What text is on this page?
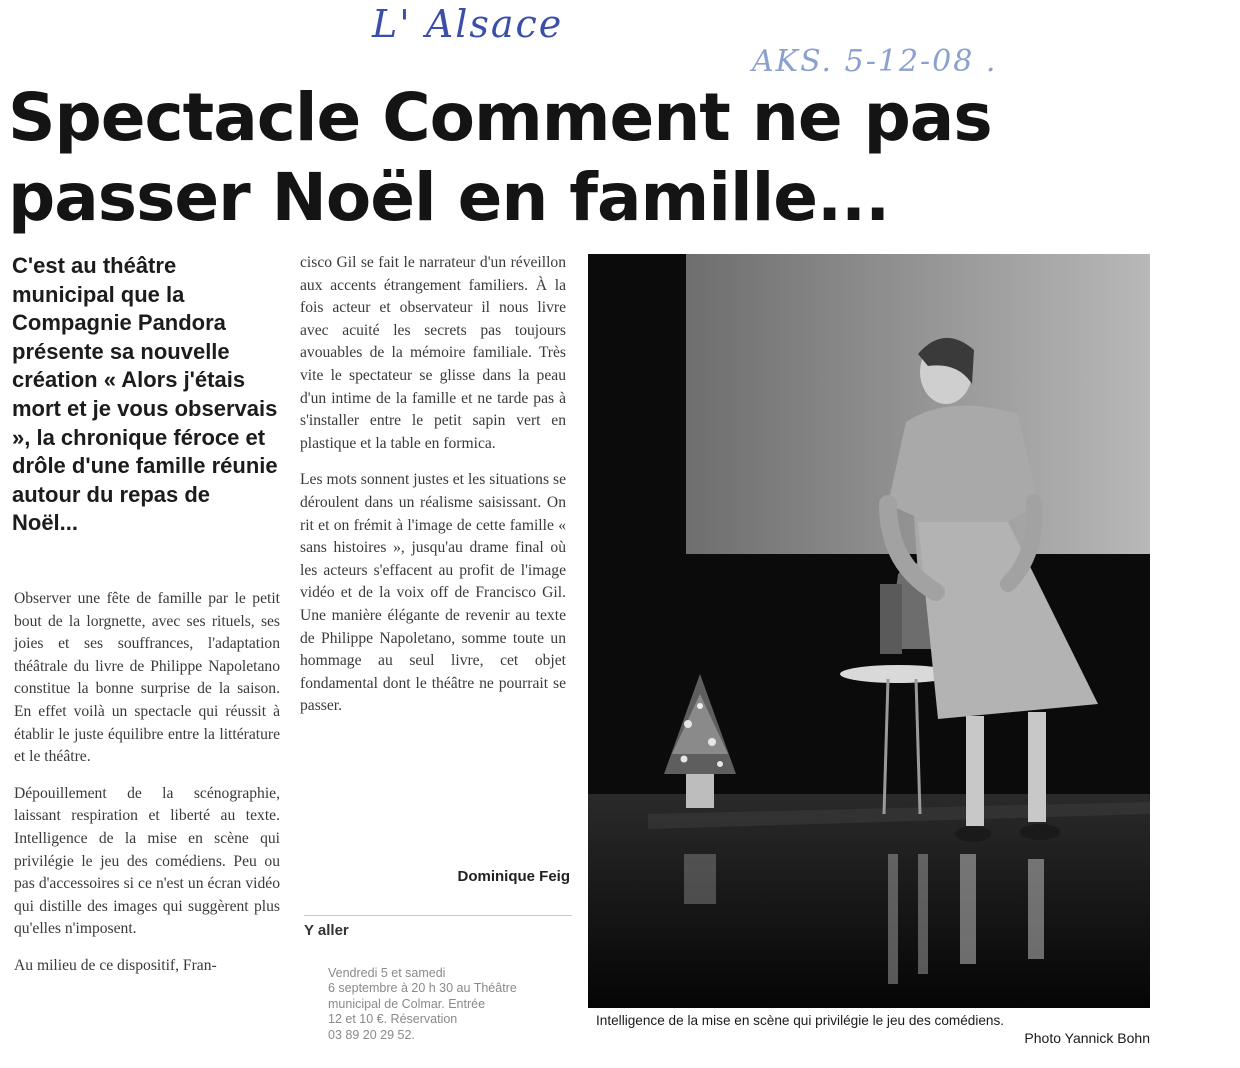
L' Alsace
AKS. 5-12-08 .
Spectacle Comment ne pas
passer Noël en famille...

C'est au théâtre municipal que la Compagnie Pandora présente sa nouvelle création « Alors j'étais mort et je vous observais », la chronique féroce et drôle d'une famille réunie autour du repas de Noël...

Observer une fête de famille par le petit bout de la lorgnette, avec ses rituels, ses joies et ses souffrances, l'adaptation théâtrale du livre de Philippe Napoletano constitue la bonne surprise de la saison. En effet voilà un spectacle qui réussit à établir le juste équilibre entre la littérature et le théâtre.

Dépouillement de la scénographie, laissant respiration et liberté au texte. Intelligence de la mise en scène qui privilégie le jeu des comédiens. Peu ou pas d'accessoires si ce n'est un écran vidéo qui distille des images qui suggèrent plus qu'elles n'imposent.

Au milieu de ce dispositif, Fran-

cisco Gil se fait le narrateur d'un réveillon aux accents étrangement familiers. À la fois acteur et observateur il nous livre avec acuité les secrets pas toujours avouables de la mémoire familiale. Très vite le spectateur se glisse dans la peau d'un intime de la famille et ne tarde pas à s'installer entre le petit sapin vert en plastique et la table en formica.

Les mots sonnent justes et les situations se déroulent dans un réalisme saisissant. On rit et on frémit à l'image de cette famille « sans histoires », jusqu'au drame final où les acteurs s'effacent au profit de l'image vidéo et de la voix off de Francisco Gil. Une manière élégante de revenir au texte de Philippe Napoletano, somme toute un hommage au seul livre, cet objet fondamental dont le théâtre ne pourrait se passer.

Dominique Feig
Y aller
Vendredi 5 et samedi
6 septembre à 20 h 30 au Théâtre
municipal de Colmar. Entrée
12 et 10 €. Réservation
03 89 20 29 52.
Intelligence de la mise en scène qui privilégie le jeu des comédiens.
Photo Yannick Bohn
